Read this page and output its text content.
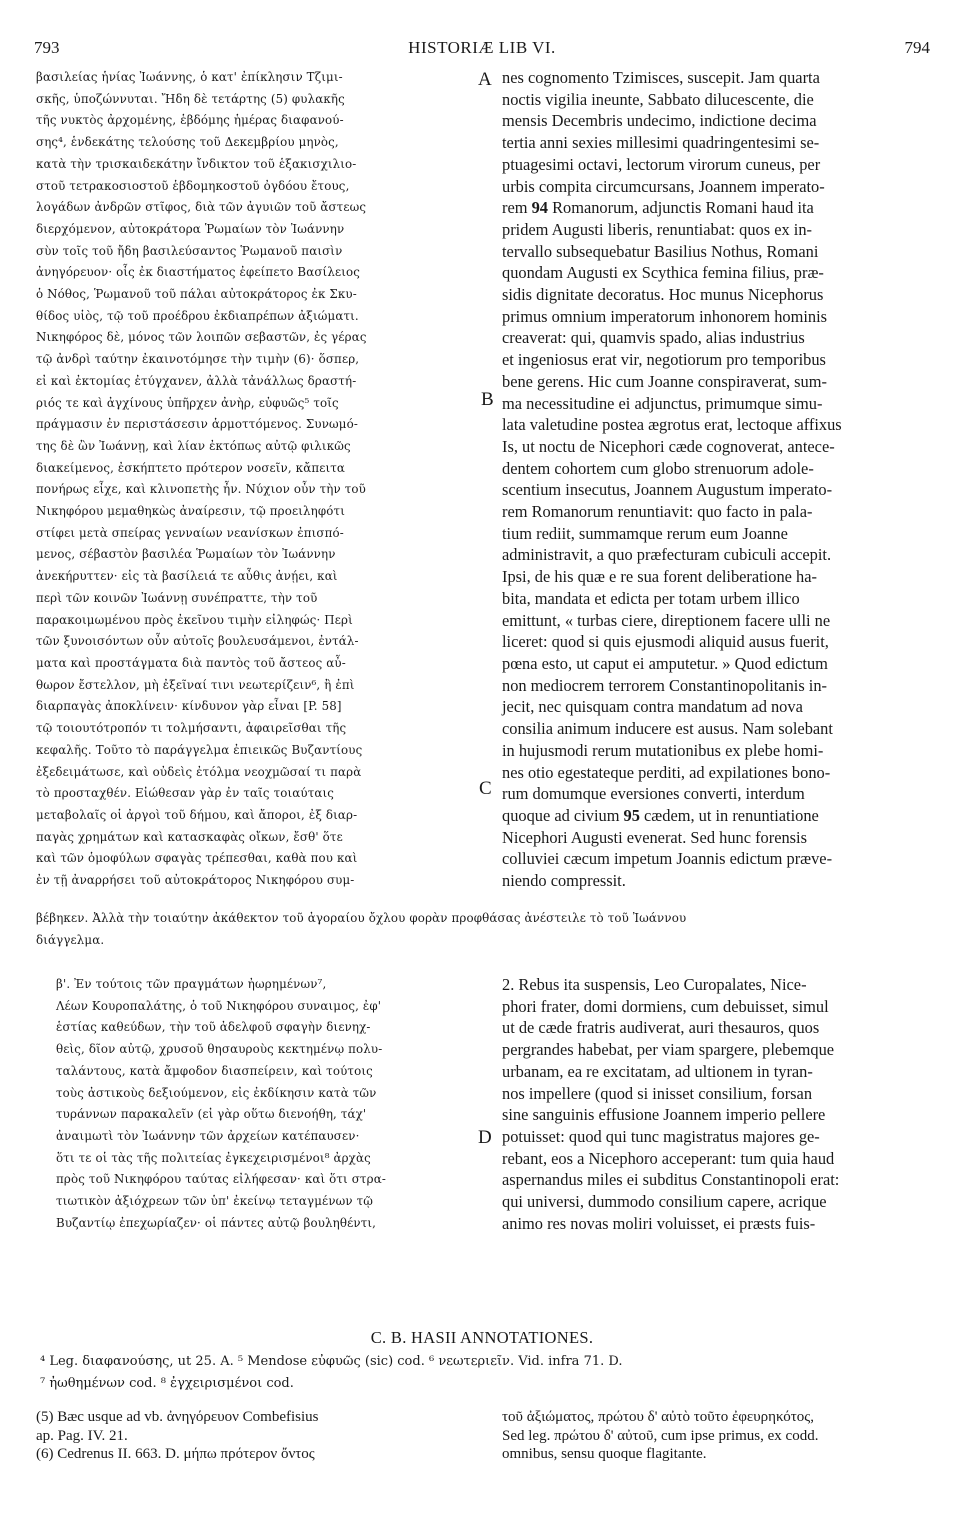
793	HISTORIÆ LIB VI.	794
βασιλείας ἡνίας Ἰωάννης, ὁ κατ' ἐπίκλησιν Τζιμι-
σκῆς, ὑποζώννυται. Ἤδη δὲ τετάρτης (5) φυλακῆς
τῆς νυκτὸς ἀρχομένης, ἑβδόμης ἡμέρας διαφανού-
σης⁴, ἑνδεκάτης τελούσης τοῦ Δεκεμβρίου μηνὸς,
κατὰ τὴν τρισκαιδεκάτην ἴνδικτον τοῦ ἑξακισχιλιο-
στοῦ τετρακοσιοστοῦ ἑβδομηκοστοῦ ὀγδόου ἔτους,
λογάδων ἀνδρῶν στῖφος, διὰ τῶν ἀγυιῶν τοῦ ἄστεως
διερχόμενον, αὐτοκράτορα Ῥωμαίων τὸν Ἰωάννην
σὺν τοῖς τοῦ ἤδη βασιλεύσαντος Ῥωμανοῦ παισὶν
ἀνηγόρευον· οἷς ἐκ διαστήματος ἐφείπετο Βασίλειος
ὁ Νόθος, Ῥωμανοῦ τοῦ πάλαι αὐτοκράτορος ἐκ Σκυ-
θίδος υἱὸς, τῷ τοῦ προέδρου ἐκδιαπρέπων ἀξιώματι.
Νικηφόρος δὲ, μόνος τῶν λοιπῶν σεβαστῶν, ἐς γέρας
τῷ ἀνδρὶ ταύτην ἐκαινοτόμησε τὴν τιμὴν (6)· ὅσπερ,
εἰ καὶ ἐκτομίας ἐτύγχανεν, ἀλλὰ τἀνάλλως δραστή-
ριός τε καὶ ἀγχίνους ὑπῆρχεν ἀνὴρ, εὐφυῶς⁵ τοῖς
πράγμασιν ἐν περιστάσεσιν ἁρμοττόμενος. Συνωμό-
της δὲ ὢν Ἰωάννῃ, καὶ λίαν ἐκτόπως αὐτῷ φιλικῶς
διακείμενος, ἐσκήπτετο πρότερον νοσεῖν, κἄπειτα
πονήρως εἶχε, καὶ κλινοπετὴς ἦν. Νύχιον οὖν τὴν τοῦ
Νικηφόρου μεμαθηκὼς ἀναίρεσιν, τῷ προειληφότι
στίφει μετὰ σπείρας γενναίων νεανίσκων ἐπισπό-
μενος, σέβαστὸν βασιλέα Ῥωμαίων τὸν Ἰωάννην
ἀνεκήρυττεν· εἰς τὰ βασίλειά τε αὖθις ἀνῄει, καὶ
περὶ τῶν κοινῶν Ἰωάννῃ συνέπραττε, τὴν τοῦ
παρακοιμωμένου πρὸς ἐκεῖνου τιμὴν εἰληφώς· Περὶ
τῶν ξυνοισόντων οὖν αὐτοῖς βουλευσάμενοι, ἐντάλ-
ματα καὶ προστάγματα διὰ παντὸς τοῦ ἄστεος αὖ-
θωρον ἔστελλον, μὴ ἐξεῖναί τινι νεωτερίζειν⁶, ἢ ἐπὶ
διαρπαγὰς ἀποκλίνειν· κίνδυνον γὰρ εἶναι [P. 58]
τῷ τοιουτότροπόν τι τολμήσαντι, ἀφαιρεῖσθαι τῆς
κεφαλῆς. Τοῦτο τὸ παράγγελμα ἐπιεικῶς Βυζαντίους
ἐξεδειμάτωσε, καὶ οὐδεὶς ἐτόλμα νεοχμῶσαί τι παρὰ
τὸ προσταχθέν. Εἰώθεσαν γὰρ ἐν ταῖς τοιαύταις
μεταβολαῖς οἱ ἀργοὶ τοῦ δήμου, καὶ ἄποροι, ἐξ διαρ-
παγὰς χρημάτων καὶ κατασκαφὰς οἴκων, ἔσθ' ὅτε
καὶ τῶν ὁμοφύλων σφαγὰς τρέπεσθαι, καθὰ που καὶ
ἐν τῇ ἀναρρήσει τοῦ αὐτοκράτορος Νικηφόρου συμ-
nes cognomento Tzimisces, suscepit. Jam quarta
noctis vigilia ineunte, Sabbato dilucescente, die
mensis Decembris undecimo, indictione decima
tertia anni sexies millesimi quadringentesimi se-
ptuagesimi octavi, lectorum virorum cuneus, per
urbis compita circumcursans, Joannem imperato-
rem 94 Romanorum, adjunctis Romani haud ita
pridem Augusti liberis, renuntiabat: quos ex in-
tervallo subsequebatur Basilius Nothus, Romani
quondam Augusti ex Scythica femina filius, præ-
sidis dignitate decoratus. Hoc munus Nicephorus
primus omnium imperatorum inhonorem hominis
creaverat: qui, quamvis spado, alias industrius
et ingeniosus erat vir, negotiorum pro temporibus
bene gerens. Hic cum Joanne conspiraverat, sum-
ma necessitudine ei adjunctus, primumque simu-
lata valetudine postea ægrotus erat, lectoque affixus
Is, ut noctu de Nicephori cæde cognoverat, antece-
dentem cohortem cum globo strenuorum adole-
scentium insecutus, Joannem Augustum imperato-
rem Romanorum renuntiavit: quo facto in pala-
tium rediit, summamque rerum eum Joanne
administravit, a quo præfecturam cubiculi accepit.
Ipsi, de his quæ e re sua forent deliberatione ha-
bita, mandata et edicta per totam urbem illico
emittunt, « turbas ciere, direptionem facere ulli ne
liceret: quod si quis ejusmodi aliquid ausus fuerit,
pœna esto, ut caput ei amputetur. » Quod edictum
non mediocrem terrorem Constantinopolitanis in-
jecit, nec quisquam contra mandatum ad nova
consilia animum inducere est ausus. Nam solebant
in hujusmodi rerum mutationibus ex plebe homi-
nes otio egestateque perditi, ad expilationes bono-
rum domumque eversiones converti, interdum
quoque ad civium 95 cædem, ut in renuntiatione
Nicephori Augusti evenerat. Sed hunc forensis
colluviei cæcum impetum Joannis edictum præve-
niendo compressit.
A
B
C
D
βέβηκεν. Ἀλλὰ τὴν τοιαύτην ἀκάθεκτον τοῦ ἀγοραίου ὄχλου φορὰν προφθάσας ἀνέστειλε τὸ τοῦ Ἰωάννου
διάγγελμα.
β'. Ἐν τούτοις τῶν πραγμάτων ἠωρημένων⁷,
Λέων Κουροπαλάτης, ὁ τοῦ Νικηφόρου συναιμος, ἐφ'
ἑστίας καθεύδων, τὴν τοῦ ἀδελφοῦ σφαγὴν διενηχ-
θεὶς, δῖον αὐτῷ, χρυσοῦ θησαυροὺς κεκτημένῳ πολυ-
ταλάντους, κατὰ ἄμφοδον διασπείρειν, καὶ τούτοις
τοὺς ἀστικοὺς δεξιούμενον, εἰς ἐκδίκησιν κατὰ τῶν
τυράννων παρακαλεῖν (εἰ γὰρ οὕτω διενοήθη, τάχ'
ἀναιμωτὶ τὸν Ἰωάννην τῶν ἀρχείων κατέπαυσεν·
ὅτι τε οἱ τὰς τῆς πολιτείας ἐγκεχειρισμένοι⁸ ἀρχὰς
πρὸς τοῦ Νικηφόρου ταύτας εἰλήφεσαν· καὶ ὅτι στρα-
τιωτικὸν ἀξιόχρεων τῶν ὑπ' ἐκείνῳ τεταγμένων τῷ
Βυζαντίῳ ἐπεχωρίαζεν· οἱ πάντες αὐτῷ βουληθέντι,
2. Rebus ita suspensis, Leo Curopalates, Nice-
phori frater, domi dormiens, cum debuisset, simul
ut de cæde fratris audiverat, auri thesauros, quos
pergrandes habebat, per viam spargere, plebemque
urbanam, ea re excitatam, ad ultionem in tyran-
nos impellere (quod si inisset consilium, forsan
sine sanguinis effusione Joannem imperio pellere
potuisset: quod qui tunc magistratus majores ge-
rebant, eos a Nicephoro acceperant: tum quia haud
aspernandus miles ei subditus Constantinopoli erat:
qui universi, dummodo consilium capere, acrique
animo res novas moliri voluisset, ei præsts fuis-
C. B. HASII ANNOTATIONES.
⁴ Leg. διαφανούσης, ut 25. A. ⁵ Mendose εὐφυῶς (sic) cod. ⁶ νεωτεριεῖν. Vid. infra 71. D.
⁷ ἠωθημένων cod. ⁸ ἐγχειρισμένοι cod.
(5) Bæc usque ad vb. ἀνηγόρευον Combefisius
ap. Pag. IV. 21.
(6) Cedrenus II. 663. D. μήπω πρότερον ὄντος
τοῦ ἀξιώματος, πρώτου δ' αὐτὸ τοῦτο ἐφευρηκότος,
Sed leg. πρώτου δ' αὐτοῦ, cum ipse primus, ex codd.
omnibus, sensu quoque flagitante.
